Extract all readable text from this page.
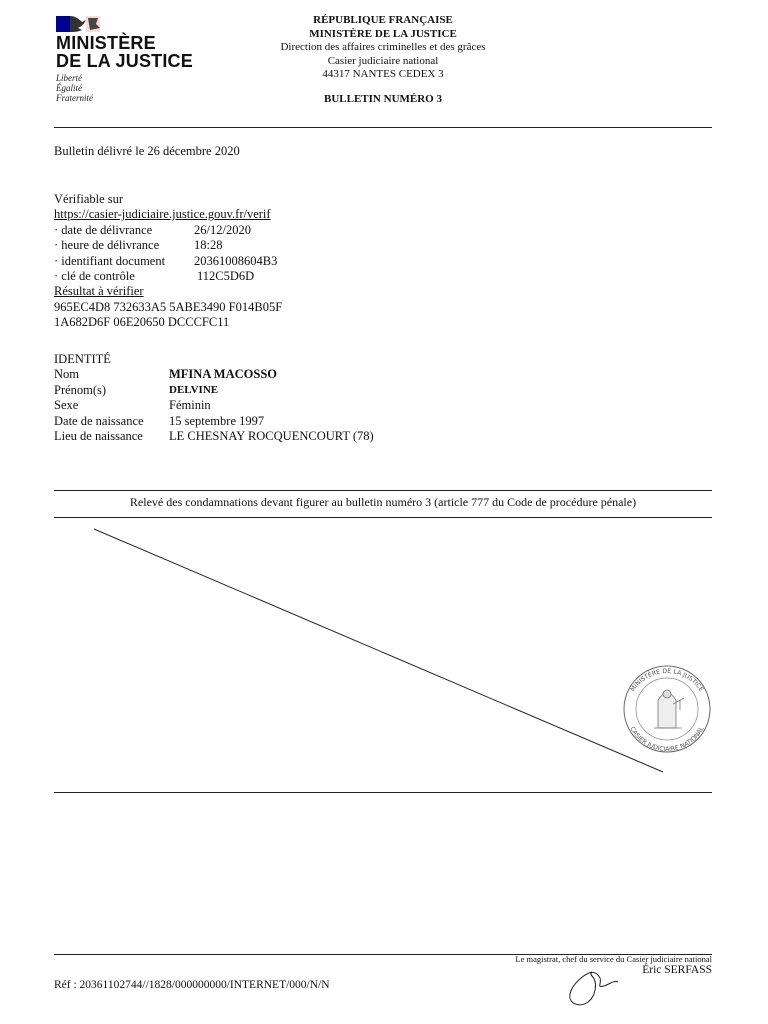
MINISTÈRE
DE LA JUSTICE
Liberté
Égalité
Fraternité
RÉPUBLIQUE FRANÇAISE
MINISTÈRE DE LA JUSTICE
Direction des affaires criminelles et des grâces
Casier judiciaire national
44317 NANTES CEDEX 3
BULLETIN NUMÉRO 3
Bulletin délivré le 26 décembre 2020
Vérifiable sur
https://casier-judiciaire.justice.gouv.fr/verif
· date de délivrance	26/12/2020
· heure de délivrance	18:28
· identifiant document	20361008604B3
· clé de contrôle	112C5D6D
Résultat à vérifier
965EC4D8 732633A5 5ABE3490 F014B05F
1A682D6F 06E20650 DCCCFC11
IDENTITÉ
Nom	MFINA MACOSSO
Prénom(s)	DELVINE
Sexe	Féminin
Date de naissance	15 septembre 1997
Lieu de naissance	LE CHESNAY ROCQUENCOURT (78)
Relevé des condamnations devant figurer au bulletin numéro 3 (article 777 du Code de procédure pénale)
MINISTÈRE DE LA JUSTICE
CASIER JUDICIAIRE NATIONAL
Le magistrat, chef du service du Casier judiciaire national
Éric SERFASS
Réf : 20361102744//1828/000000000/INTERNET/000/N/N
